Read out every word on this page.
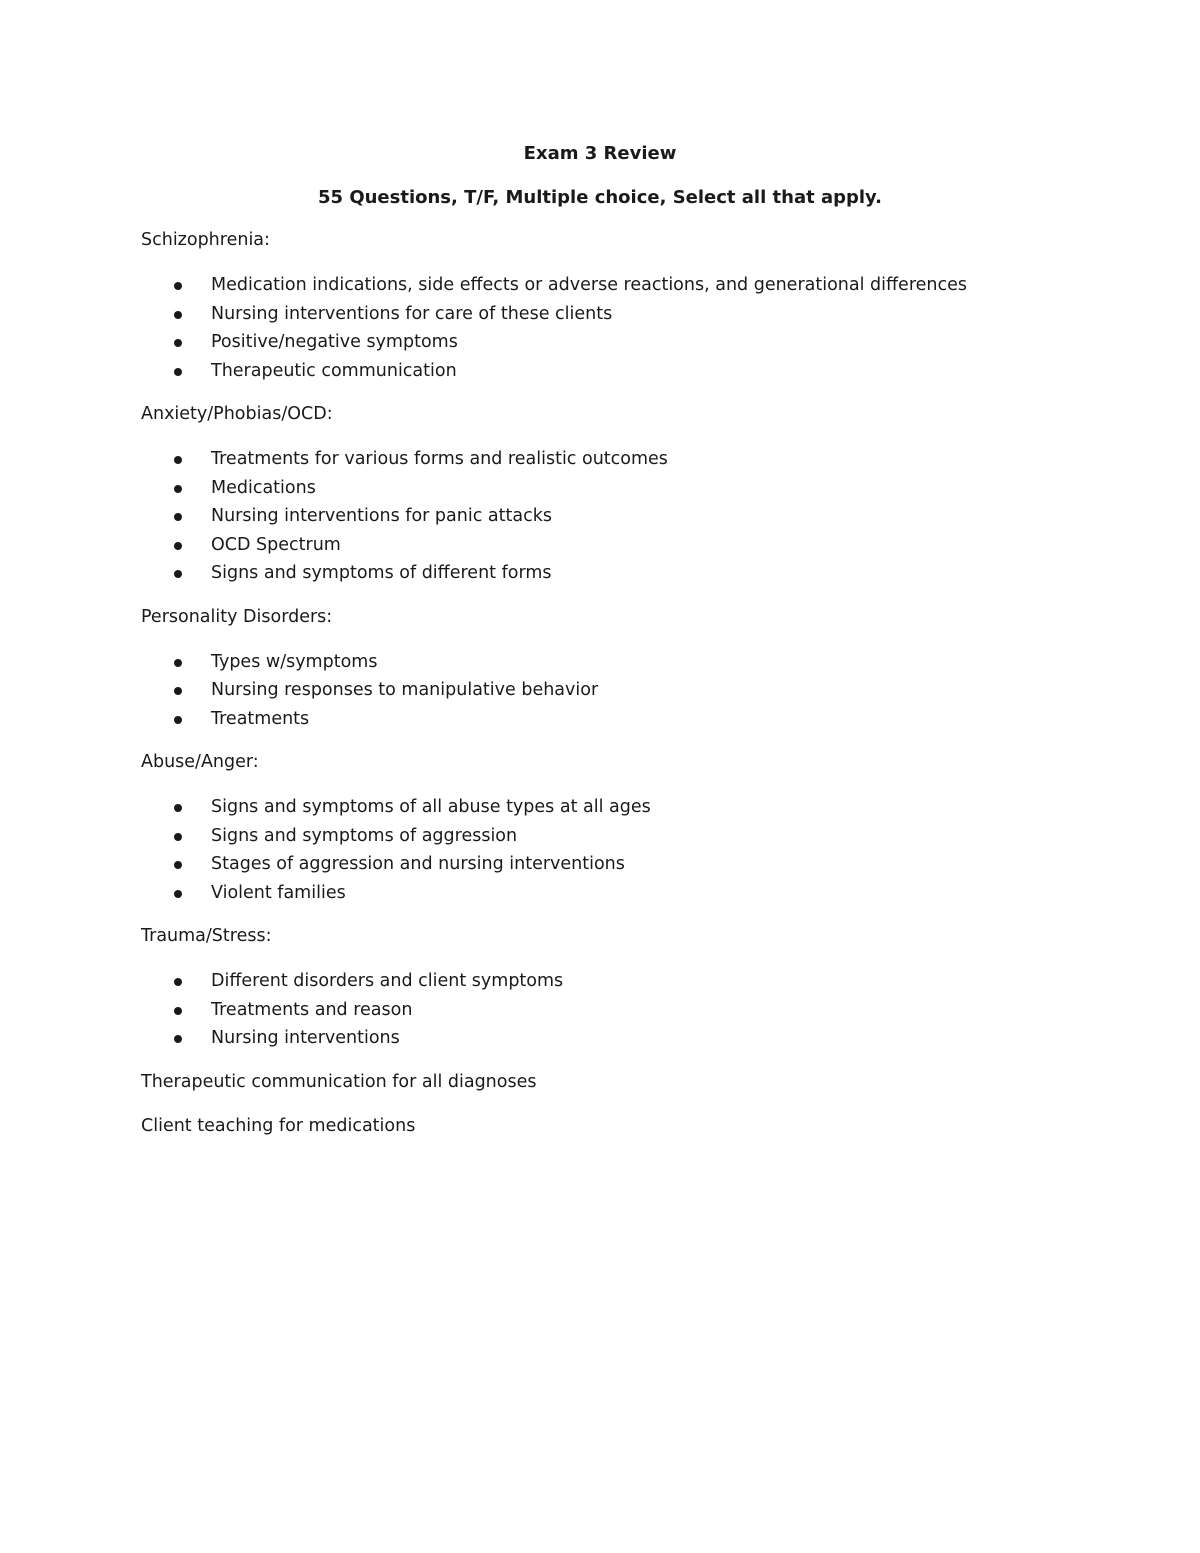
Exam 3 Review
55 Questions, T/F, Multiple choice, Select all that apply.
Schizophrenia:
Medication indications, side effects or adverse reactions, and generational differences
Nursing interventions for care of these clients
Positive/negative symptoms
Therapeutic communication
Anxiety/Phobias/OCD:
Treatments for various forms and realistic outcomes
Medications
Nursing interventions for panic attacks
OCD Spectrum
Signs and symptoms of different forms
Personality Disorders:
Types w/symptoms
Nursing responses to manipulative behavior
Treatments
Abuse/Anger:
Signs and symptoms of all abuse types at all ages
Signs and symptoms of aggression
Stages of aggression and nursing interventions
Violent families
Trauma/Stress:
Different disorders and client symptoms
Treatments and reason
Nursing interventions
Therapeutic communication for all diagnoses
Client teaching for medications
